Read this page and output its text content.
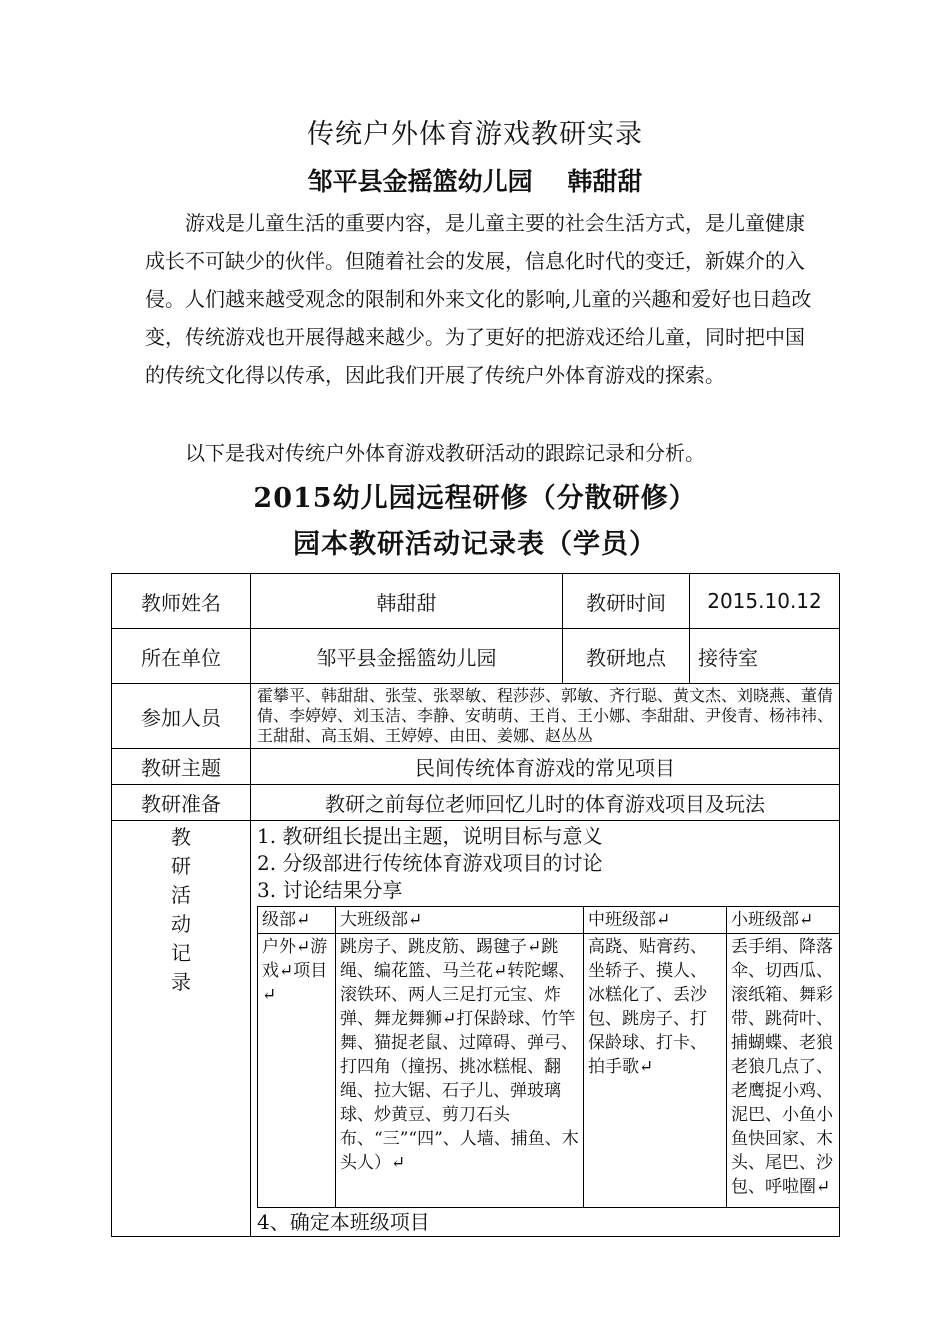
传统户外体育游戏教研实录
邹平县金摇篮幼儿园 韩甜甜

游戏是儿童生活的重要内容，是儿童主要的社会生活方式，是儿童健康成长不可缺少的伙伴。但随着社会的发展，信息化时代的变迁，新媒介的入侵。人们越来越受观念的限制和外来文化的影响,儿童的兴趣和爱好也日趋改变，传统游戏也开展得越来越少。为了更好的把游戏还给儿童，同时把中国的传统文化得以传承，因此我们开展了传统户外体育游戏的探索。

以下是我对传统户外体育游戏教研活动的跟踪记录和分析。

2015幼儿园远程研修（分散研修）
园本教研活动记录表（学员）
教师姓名	韩甜甜	教研时间	2015.10.12
所在单位	邹平县金摇篮幼儿园	教研地点	接待室
参加人员	霍攀平、韩甜甜、张莹、张翠敏、程莎莎、郭敏、齐行聪、黄文杰、刘晓燕、董倩倩、李婷婷、刘玉洁、李静、安萌萌、王肖、王小娜、李甜甜、尹俊青、杨祎祎、王甜甜、高玉娟、王婷婷、由田、姜娜、赵丛丛
教研主题	民间传统体育游戏的常见项目
教研准备	教研之前每位老师回忆儿时的体育游戏项目及玩法

教研活动记录

1. 教研组长提出主题，说明目标与意义
2. 分级部进行传统体育游戏项目的讨论
3. 讨论结果分享
级部↵	大班级部↵	中班级部↵	小班级部↵
户外↵游戏↵项目↵	跳房子、跳皮筋、踢毽子↵跳绳、编花篮、马兰花↵转陀螺、滚铁环、两人三足打元宝、炸弹、舞龙舞狮↵打保龄球、竹竿舞、猫捉老鼠、过障碍、弹弓、打四角（撞拐、挑冰糕棍、翻绳、拉大锯、石子儿、弹玻璃球、炒黄豆、剪刀石头布、“三”“四”、人墙、捕鱼、木头人）↵	高跷、贴膏药、坐轿子、摸人、冰糕化了、丢沙包、跳房子、打保龄球、打卡、拍手歌↵	丢手绢、降落伞、切西瓜、滚纸箱、舞彩带、跳荷叶、捕蝴蝶、老狼老狼几点了、老鹰捉小鸡、泥巴、小鱼小鱼快回家、木头、尾巴、沙包、呼啦圈↵
4、确定本班级项目
